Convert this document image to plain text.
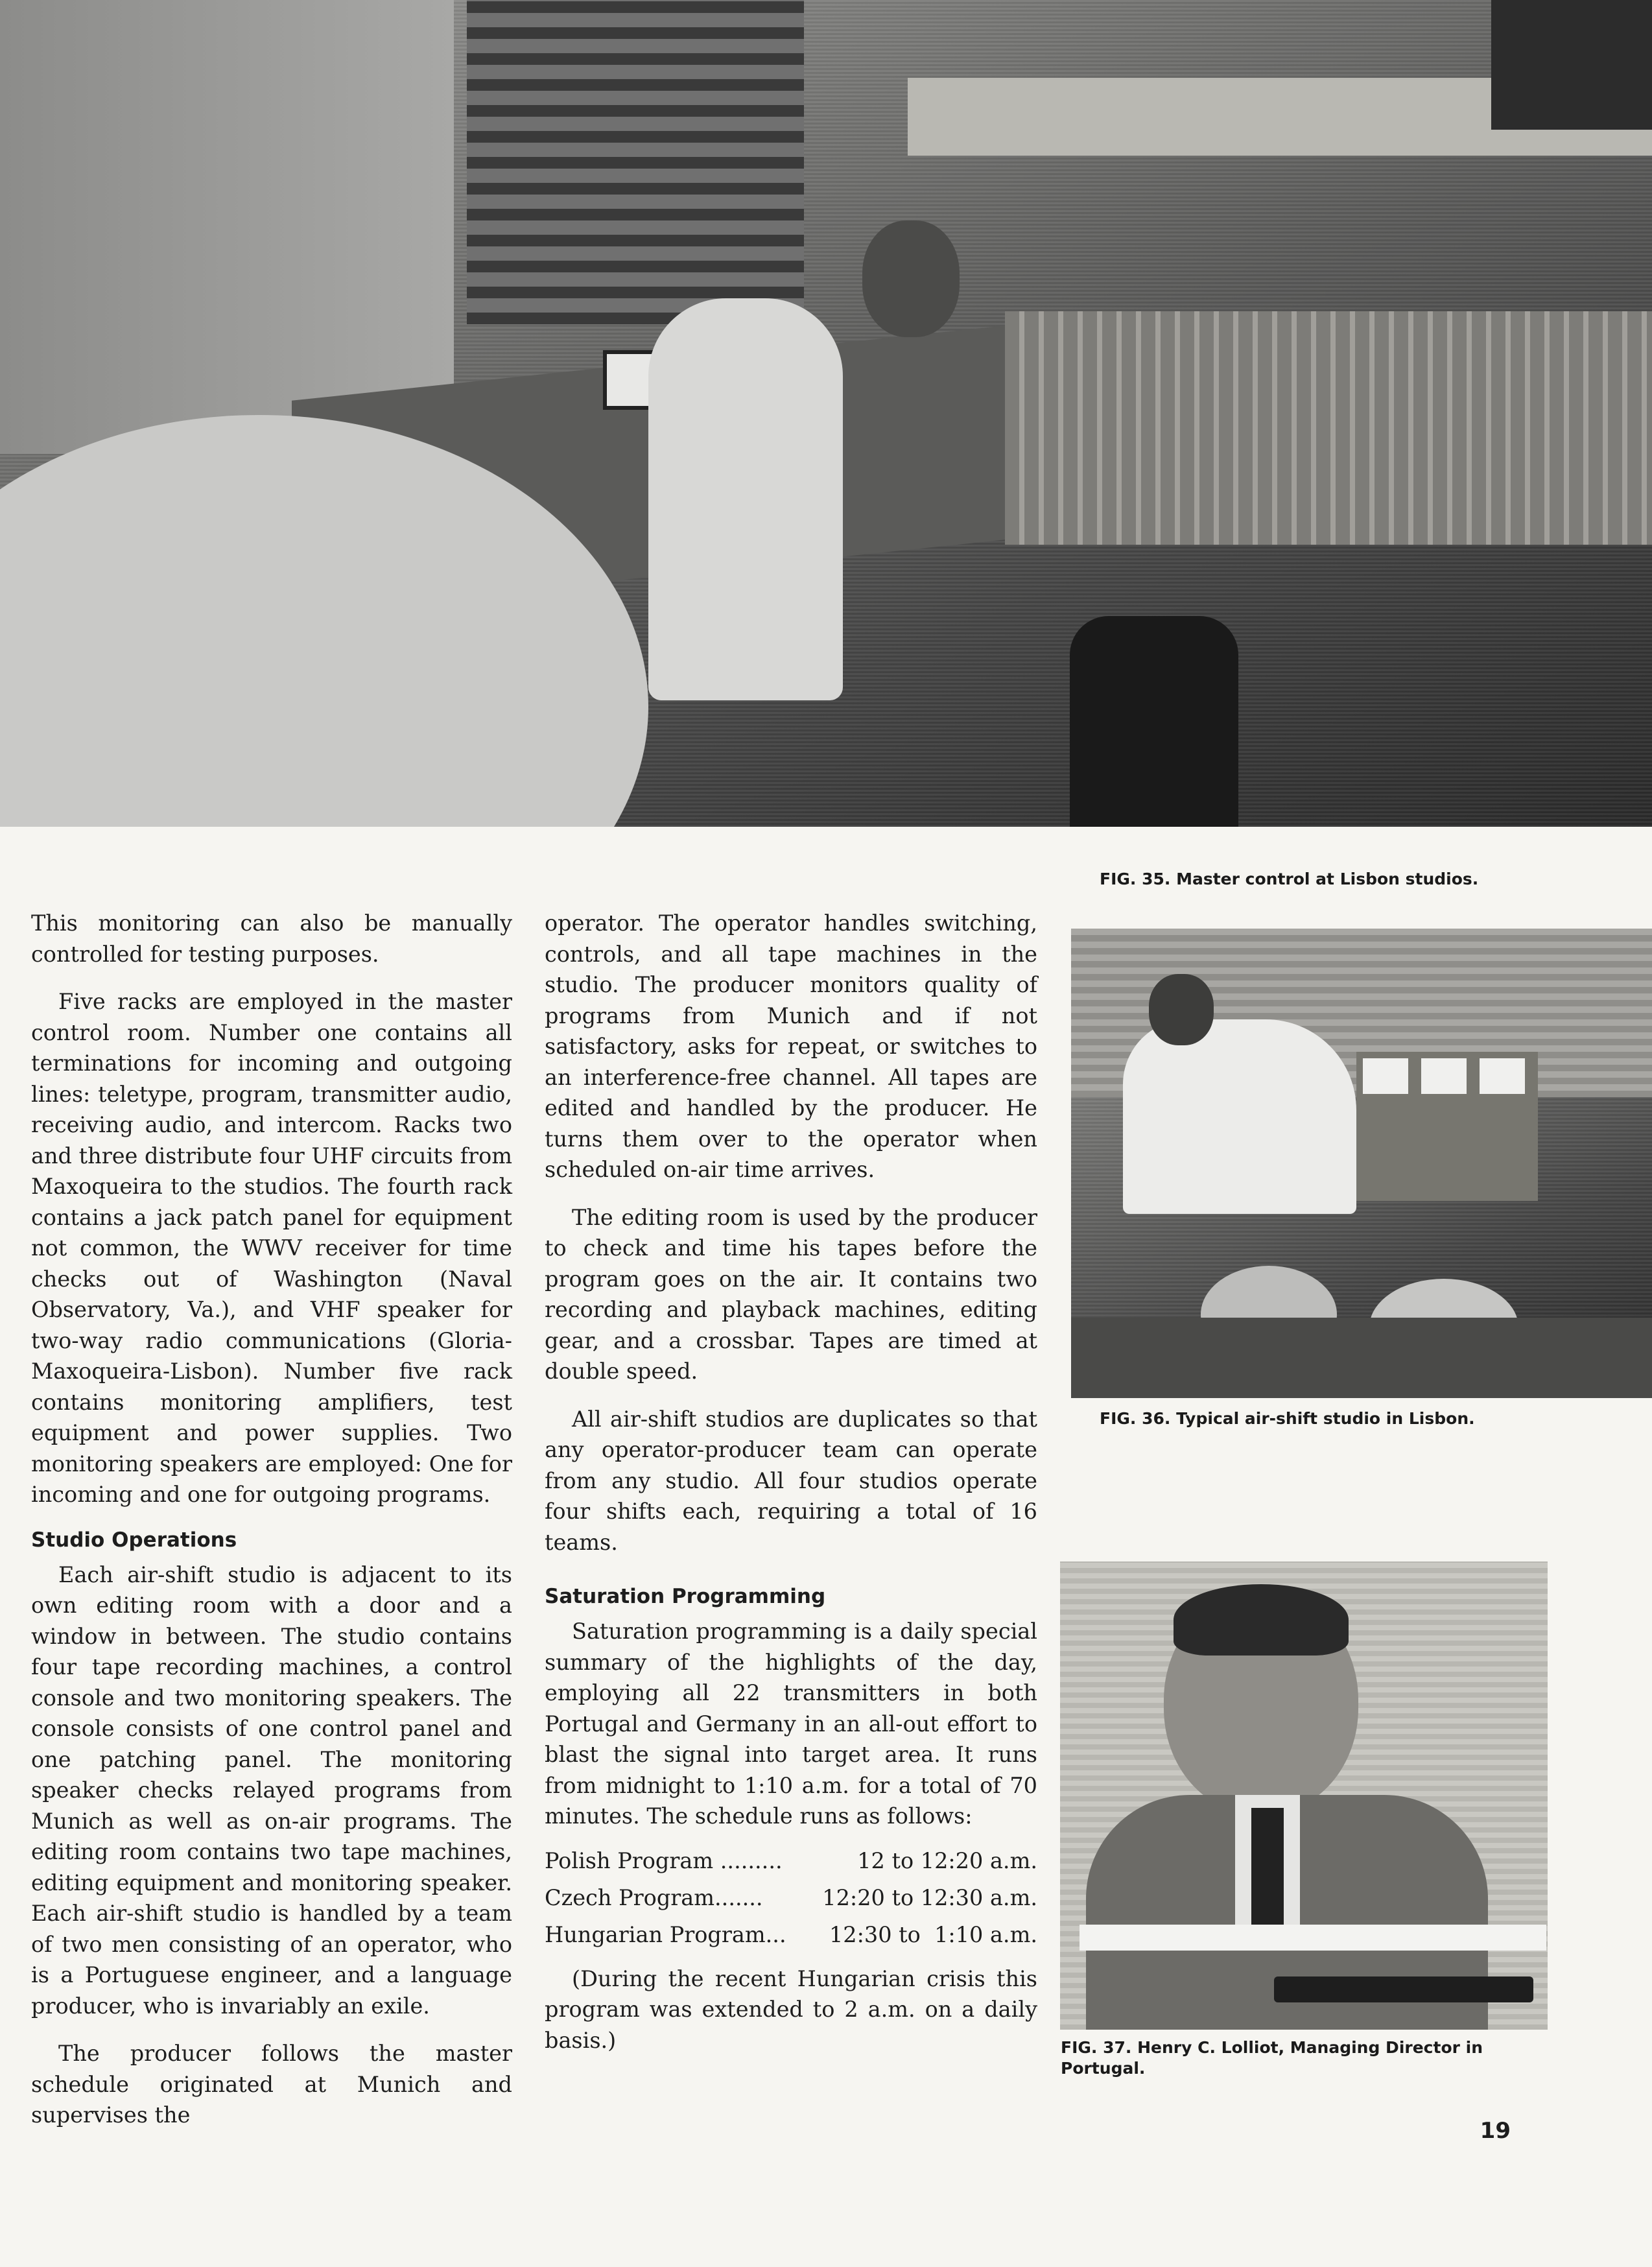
FIG. 35. Master control at Lisbon studios.
FIG. 36. Typical air-shift studio in Lisbon.
FIG. 37. Henry C. Lolliot, Managing Director in Portugal.

This monitoring can also be manually controlled for testing purposes.

Five racks are employed in the master control room. Number one contains all terminations for incoming and outgoing lines: teletype, program, transmitter audio, receiving audio, and intercom. Racks two and three distribute four UHF circuits from Maxoqueira to the studios. The fourth rack contains a jack patch panel for equipment not common, the WWV receiver for time checks out of Washington (Naval Observatory, Va.), and VHF speaker for two-way radio communications (Gloria-Maxoqueira-Lisbon). Number five rack contains monitoring amplifiers, test equipment and power supplies. Two monitoring speakers are employed: One for incoming and one for outgoing programs.

Studio Operations

Each air-shift studio is adjacent to its own editing room with a door and a window in between. The studio contains four tape recording machines, a control console and two monitoring speakers. The console consists of one control panel and one patching panel. The monitoring speaker checks relayed programs from Munich as well as on-air programs. The editing room contains two tape machines, editing equipment and monitoring speaker. Each air-shift studio is handled by a team of two men consisting of an operator, who is a Portuguese engineer, and a language producer, who is invariably an exile.

The producer follows the master schedule originated at Munich and supervises the

operator. The operator handles switching, controls, and all tape machines in the studio. The producer monitors quality of programs from Munich and if not satisfactory, asks for repeat, or switches to an interference-free channel. All tapes are edited and handled by the producer. He turns them over to the operator when scheduled on-air time arrives.

The editing room is used by the producer to check and time his tapes before the program goes on the air. It contains two recording and playback machines, editing gear, and a crossbar. Tapes are timed at double speed.

All air-shift studios are duplicates so that any operator-producer team can operate from any studio. All four studios operate four shifts each, requiring a total of 16 teams.

Saturation Programming

Saturation programming is a daily special summary of the highlights of the day, employing all 22 transmitters in both Portugal and Germany in an all-out effort to blast the signal into target area. It runs from midnight to 1:10 a.m. for a total of 70 minutes. The schedule runs as follows:

Polish Program .........	12 to 12:20 a.m.
Czech Program.......	12:20 to 12:30 a.m.
Hungarian Program... 12:30 to  1:10 a.m.

(During the recent Hungarian crisis this program was extended to 2 a.m. on a daily basis.)

19
